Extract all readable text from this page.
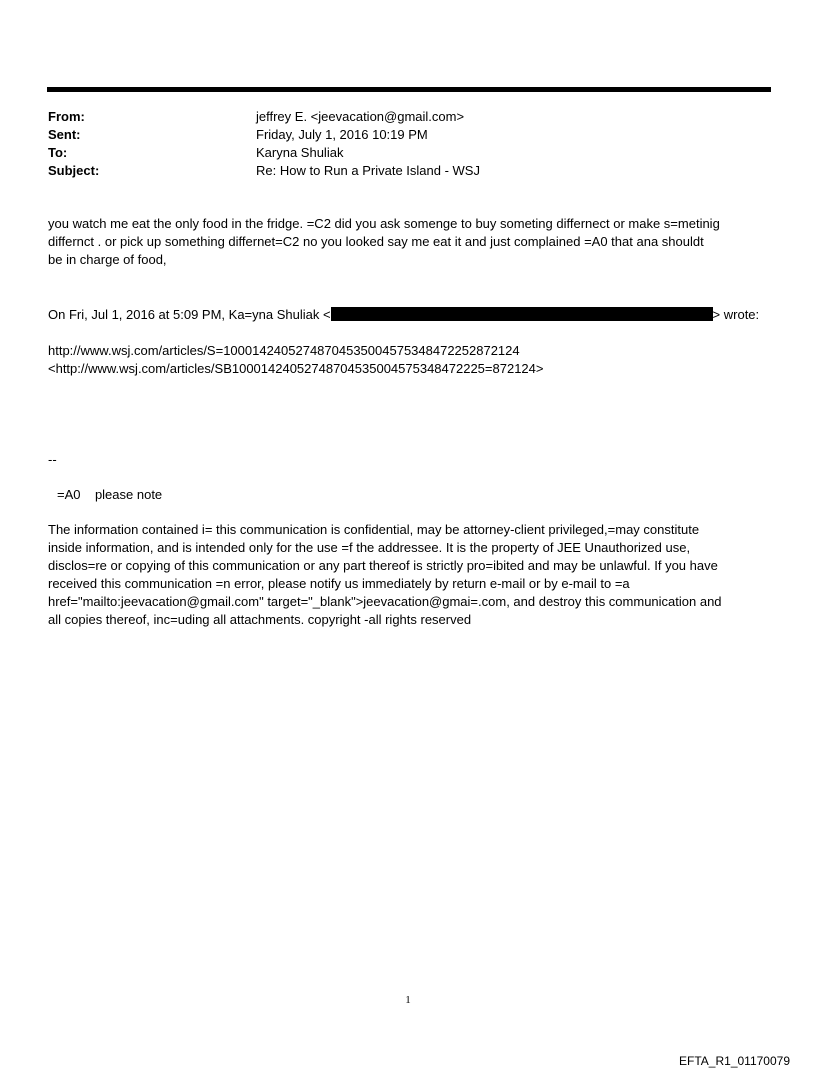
From:	jeffrey E. <jeevacation@gmail.com>
Sent:	Friday, July 1, 2016 10:19 PM
To:	Karyna Shuliak
Subject:	Re: How to Run a Private Island - WSJ
you watch me eat the only food in the fridge. =C2 did you ask somenge to buy someting differnect or make s=metinig
differnct . or pick up something differnet=C2 no you looked say me eat it and just complained =A0 that ana shouldt
be in charge of food,
On Fri, Jul 1, 2016 at 5:09 PM, Ka=yna Shuliak <	> wrote:
http://www.wsj.com/articles/S=10001424052748704535004575348472252872124
<http://www.wsj.com/articles/SB10001424052748704535004575348472225=872124>
--
=A0    please note
The information contained i= this communication is confidential, may be attorney-client privileged,=may constitute
inside information, and is intended only for the use =f the addressee. It is the property of JEE Unauthorized use,
disclos=re or copying of this communication or any part thereof is strictly pro=ibited and may be unlawful. If you have
received this communication =n error, please notify us immediately by return e-mail or by e-mail to =a
href="mailto:jeevacation@gmail.com" target="_blank">jeevacation@gmai=.com, and destroy this communication and
all copies thereof, inc=uding all attachments. copyright -all rights reserved
1
EFTA_R1_01170079
